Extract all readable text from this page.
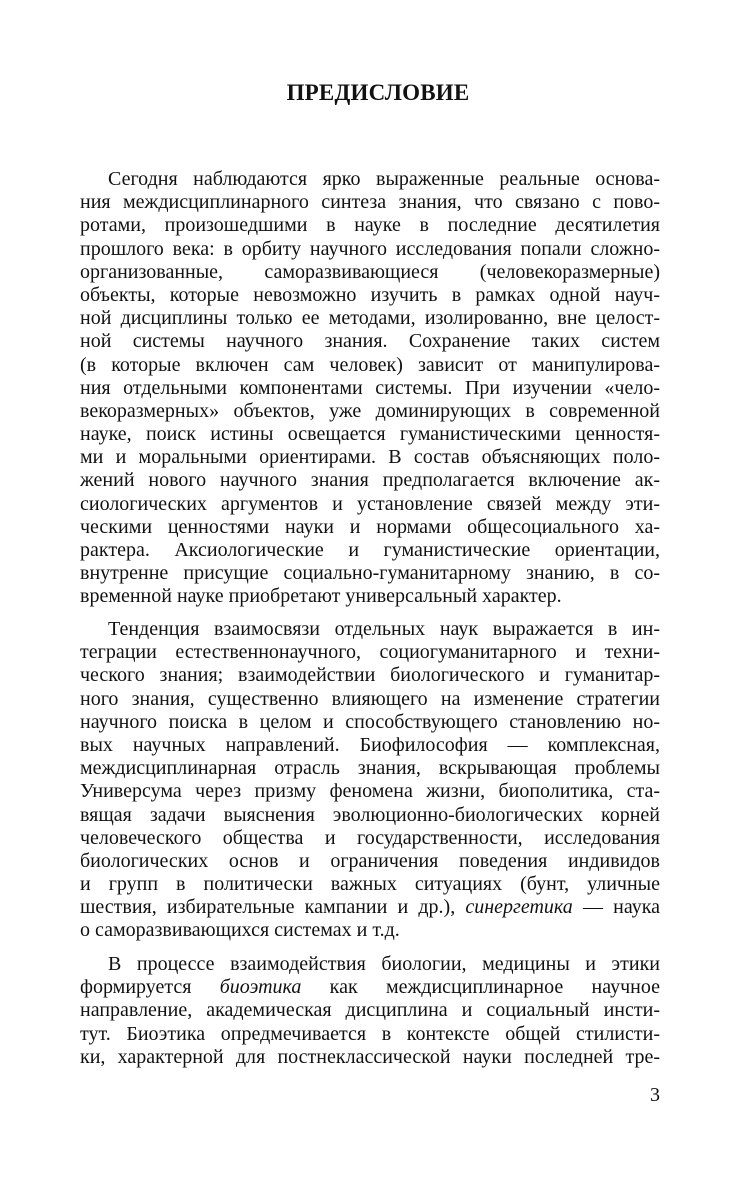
ПРЕДИСЛОВИЕ
Сегодня наблюдаются ярко выраженные реальные основа-
ния междисциплинарного синтеза знания, что связано с пово-
ротами, произошедшими в науке в последние десятилетия
прошлого века: в орбиту научного исследования попали сложно-
организованные, саморазвивающиеся (человекоразмерные)
объекты, которые невозможно изучить в рамках одной науч-
ной дисциплины только ее методами, изолированно, вне целост-
ной системы научного знания. Сохранение таких систем
(в которые включен сам человек) зависит от манипулирова-
ния отдельными компонентами системы. При изучении «чело-
векоразмерных» объектов, уже доминирующих в современной
науке, поиск истины освещается гуманистическими ценностя-
ми и моральными ориентирами. В состав объясняющих поло-
жений нового научного знания предполагается включение ак-
сиологических аргументов и установление связей между эти-
ческими ценностями науки и нормами общесоциального ха-
рактера. Аксиологические и гуманистические ориентации,
внутренне присущие социально-гуманитарному знанию, в со-
временной науке приобретают универсальный характер.
Тенденция взаимосвязи отдельных наук выражается в ин-
теграции естественнонаучного, социогуманитарного и техни-
ческого знания; взаимодействии биологического и гуманитар-
ного знания, существенно влияющего на изменение стратегии
научного поиска в целом и способствующего становлению но-
вых научных направлений. Биофилософия — комплексная,
междисциплинарная отрасль знания, вскрывающая проблемы
Универсума через призму феномена жизни, биополитика, ста-
вящая задачи выяснения эволюционно-биологических корней
человеческого общества и государственности, исследования
биологических основ и ограничения поведения индивидов
и групп в политически важных ситуациях (бунт, уличные
шествия, избирательные кампании и др.), синергетика — наука
о саморазвивающихся системах и т.д.
В процессе взаимодействия биологии, медицины и этики
формируется биоэтика как междисциплинарное научное
направление, академическая дисциплина и социальный инсти-
тут. Биоэтика опредмечивается в контексте общей стилисти-
ки, характерной для постнеклассической науки последней тре-
3
